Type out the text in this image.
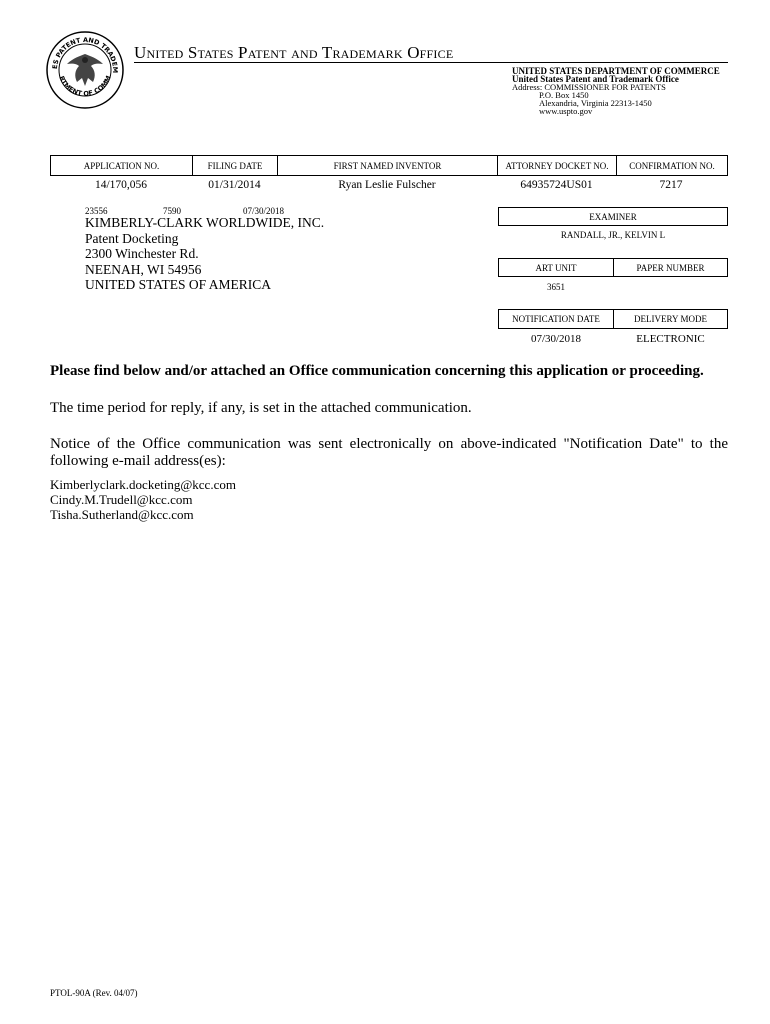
ES PATENT AND TRADEM
RTMENT OF COMM
United States Patent and Trademark Office
UNITED STATES DEPARTMENT OF COMMERCE
United States Patent and Trademark Office
Address: COMMISSIONER FOR PATENTS
P.O. Box 1450
Alexandria, Virginia 22313-1450
www.uspto.gov
APPLICATION NO.	FILING DATE	FIRST NAMED INVENTOR	ATTORNEY DOCKET NO.	CONFIRMATION NO.
14/170,056	01/31/2014	Ryan Leslie Fulscher	64935724US01	7217
23556	7590	07/30/2018
KIMBERLY-CLARK WORLDWIDE, INC.
Patent Docketing
2300 Winchester Rd.
NEENAH, WI 54956
UNITED STATES OF AMERICA
EXAMINER
RANDALL, JR., KELVIN L
ART UNIT	PAPER NUMBER
3651
NOTIFICATION DATE	DELIVERY MODE
07/30/2018	ELECTRONIC
Please find below and/or attached an Office communication concerning this application or proceeding.
The time period for reply, if any, is set in the attached communication.
Notice of the Office communication was sent electronically on above-indicated "Notification Date" to the following e-mail address(es):
Kimberlyclark.docketing@kcc.com
Cindy.M.Trudell@kcc.com
Tisha.Sutherland@kcc.com
PTOL-90A (Rev. 04/07)
